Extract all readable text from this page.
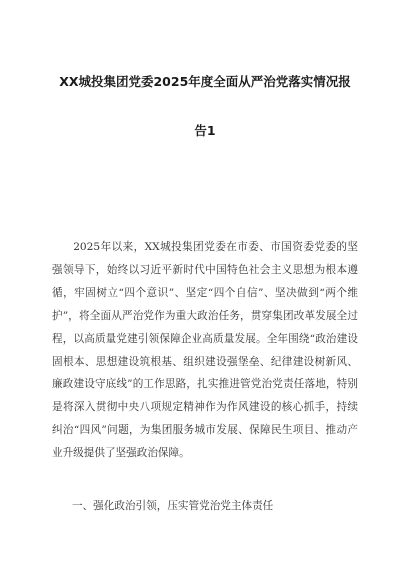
XX城投集团党委2025年度全面从严治党落实情况报
告1
2025年以来，XX城投集团党委在市委、市国资委党委的坚强领导下，始终以习近平新时代中国特色社会主义思想为根本遵循，牢固树立“四个意识”、坚定“四个自信”、坚决做到“两个维护”，将全面从严治党作为重大政治任务，贯穿集团改革发展全过程，以高质量党建引领保障企业高质量发展。全年围绕“政治建设固根本、思想建设筑根基、组织建设强堡垒、纪律建设树新风、廉政建设守底线”的工作思路，扎实推进管党治党责任落地，特别是将深入贯彻中央八项规定精神作为作风建设的核心抓手，持续纠治“四风”问题，为集团服务城市发展、保障民生项目、推动产业升级提供了坚强政治保障。
一、强化政治引领，压实管党治党主体责任
